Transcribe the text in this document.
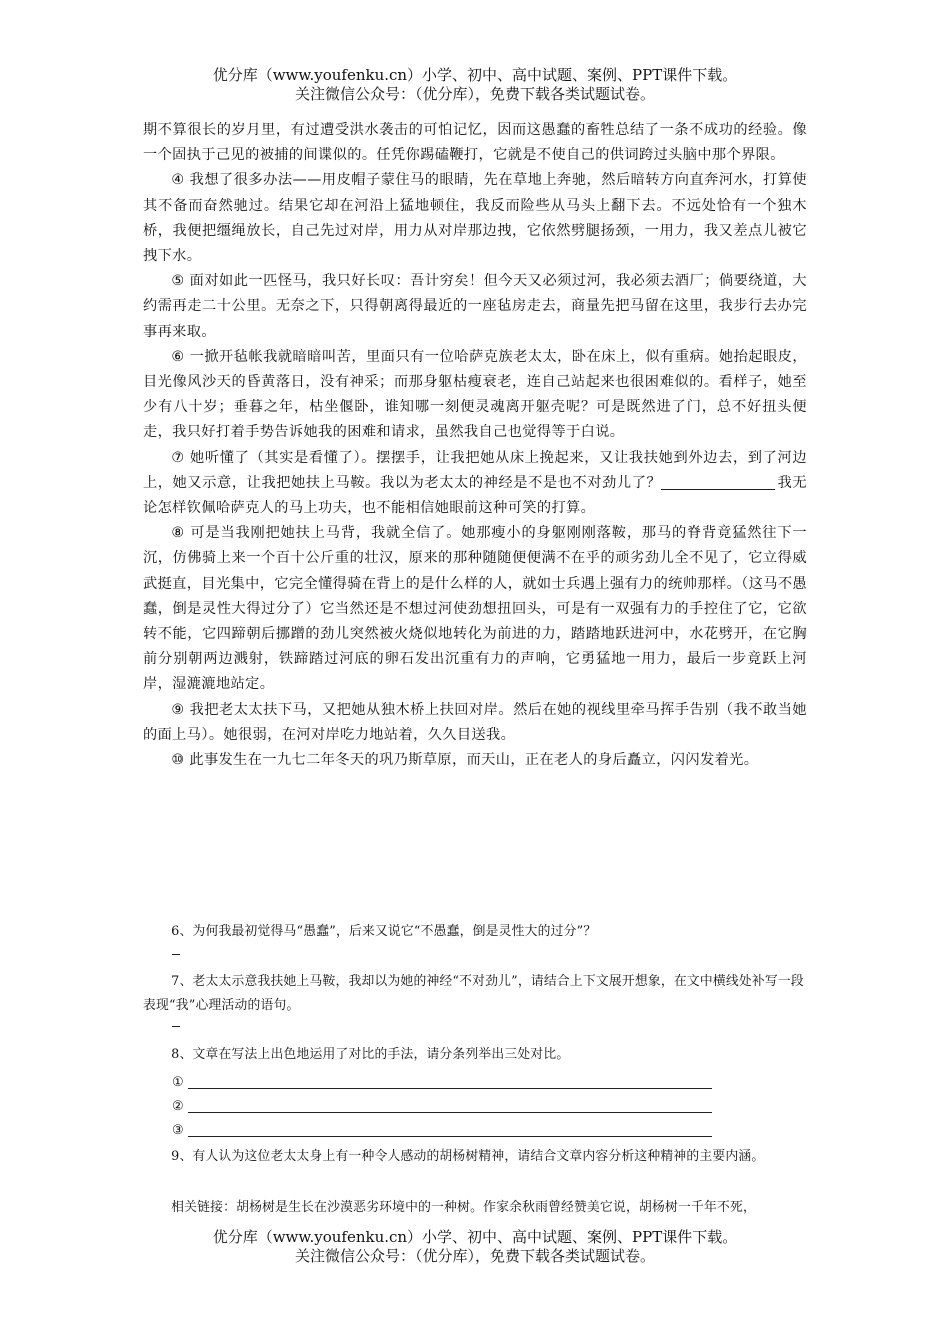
优分库（www.youfenku.cn）小学、初中、高中试题、案例、PPT课件下载。
关注微信公众号：（优分库），免费下载各类试题试卷。

期不算很长的岁月里，有过遭受洪水袭击的可怕记忆，因而这愚蠢的畜牲总结了一条不成功的经验。像一个固执于己见的被捕的间谍似的。任凭你踢磕鞭打，它就是不使自己的供词跨过头脑中那个界限。

④ 我想了很多办法——用皮帽子蒙住马的眼睛，先在草地上奔驰，然后暗转方向直奔河水，打算使其不备而奋然驰过。结果它却在河沿上猛地顿住，我反而险些从马头上翻下去。不远处恰有一个独木桥，我便把缰绳放长，自己先过对岸，用力从对岸那边拽，它依然劈腿扬颈，一用力，我又差点儿被它拽下水。

⑤ 面对如此一匹怪马，我只好长叹：吾计穷矣！但今天又必须过河，我必须去酒厂；倘要绕道，大约需再走二十公里。无奈之下，只得朝离得最近的一座毡房走去，商量先把马留在这里，我步行去办完事再来取。

⑥ 一掀开毡帐我就暗暗叫苦，里面只有一位哈萨克族老太太，卧在床上，似有重病。她抬起眼皮，目光像风沙天的昏黄落日，没有神采；而那身躯枯瘦衰老，连自己站起来也很困难似的。看样子，她至少有八十岁；垂暮之年，枯坐偃卧，谁知哪一刻便灵魂离开躯壳呢？可是既然进了门，总不好扭头便走，我只好打着手势告诉她我的困难和请求，虽然我自己也觉得等于白说。

⑦ 她听懂了（其实是看懂了）。摆摆手，让我把她从床上挽起来，又让我扶她到外边去，到了河边上，她又示意，让我把她扶上马鞍。我以为老太太的神经是不是也不对劲儿了？	我无论怎样钦佩哈萨克人的马上功夫，也不能相信她眼前这种可笑的打算。

⑧ 可是当我刚把她扶上马背，我就全信了。她那瘦小的身躯刚刚落鞍，那马的脊背竟猛然往下一沉，仿佛骑上来一个百十公斤重的壮汉，原来的那种随随便便满不在乎的顽劣劲儿全不见了，它立得威武挺直，目光集中，它完全懂得骑在背上的是什么样的人，就如士兵遇上强有力的统帅那样。（这马不愚蠢，倒是灵性大得过分了）它当然还是不想过河使劲想扭回头，可是有一双强有力的手控住了它，它欲转不能，它四蹄朝后挪蹭的劲儿突然被火烧似地转化为前进的力，踏踏地跃进河中，水花劈开，在它胸前分别朝两边溅射，铁蹄踏过河底的卵石发出沉重有力的声响，它勇猛地一用力，最后一步竟跃上河岸，湿漉漉地站定。

⑨ 我把老太太扶下马，又把她从独木桥上扶回对岸。然后在她的视线里牵马挥手告别（我不敢当她的面上马）。她很弱，在河对岸吃力地站着，久久目送我。

⑩ 此事发生在一九七二年冬天的巩乃斯草原，而天山，正在老人的身后矗立，闪闪发着光。

6、为何我最初觉得马“愚蠢”，后来又说它“不愚蠢，倒是灵性大的过分”？
7、老太太示意我扶她上马鞍，我却以为她的神经“不对劲儿”，请结合上下文展开想象，在文中横线处补写一段表现“我”心理活动的语句。
8、文章在写法上出色地运用了对比的手法，请分条列举出三处对比。
①
②
③
9、有人认为这位老太太身上有一种令人感动的胡杨树精神，请结合文章内容分析这种精神的主要内涵。
相关链接：胡杨树是生长在沙漠恶劣环境中的一种树。作家余秋雨曾经赞美它说，胡杨树一千年不死，
优分库（www.youfenku.cn）小学、初中、高中试题、案例、PPT课件下载。
关注微信公众号：（优分库），免费下载各类试题试卷。
